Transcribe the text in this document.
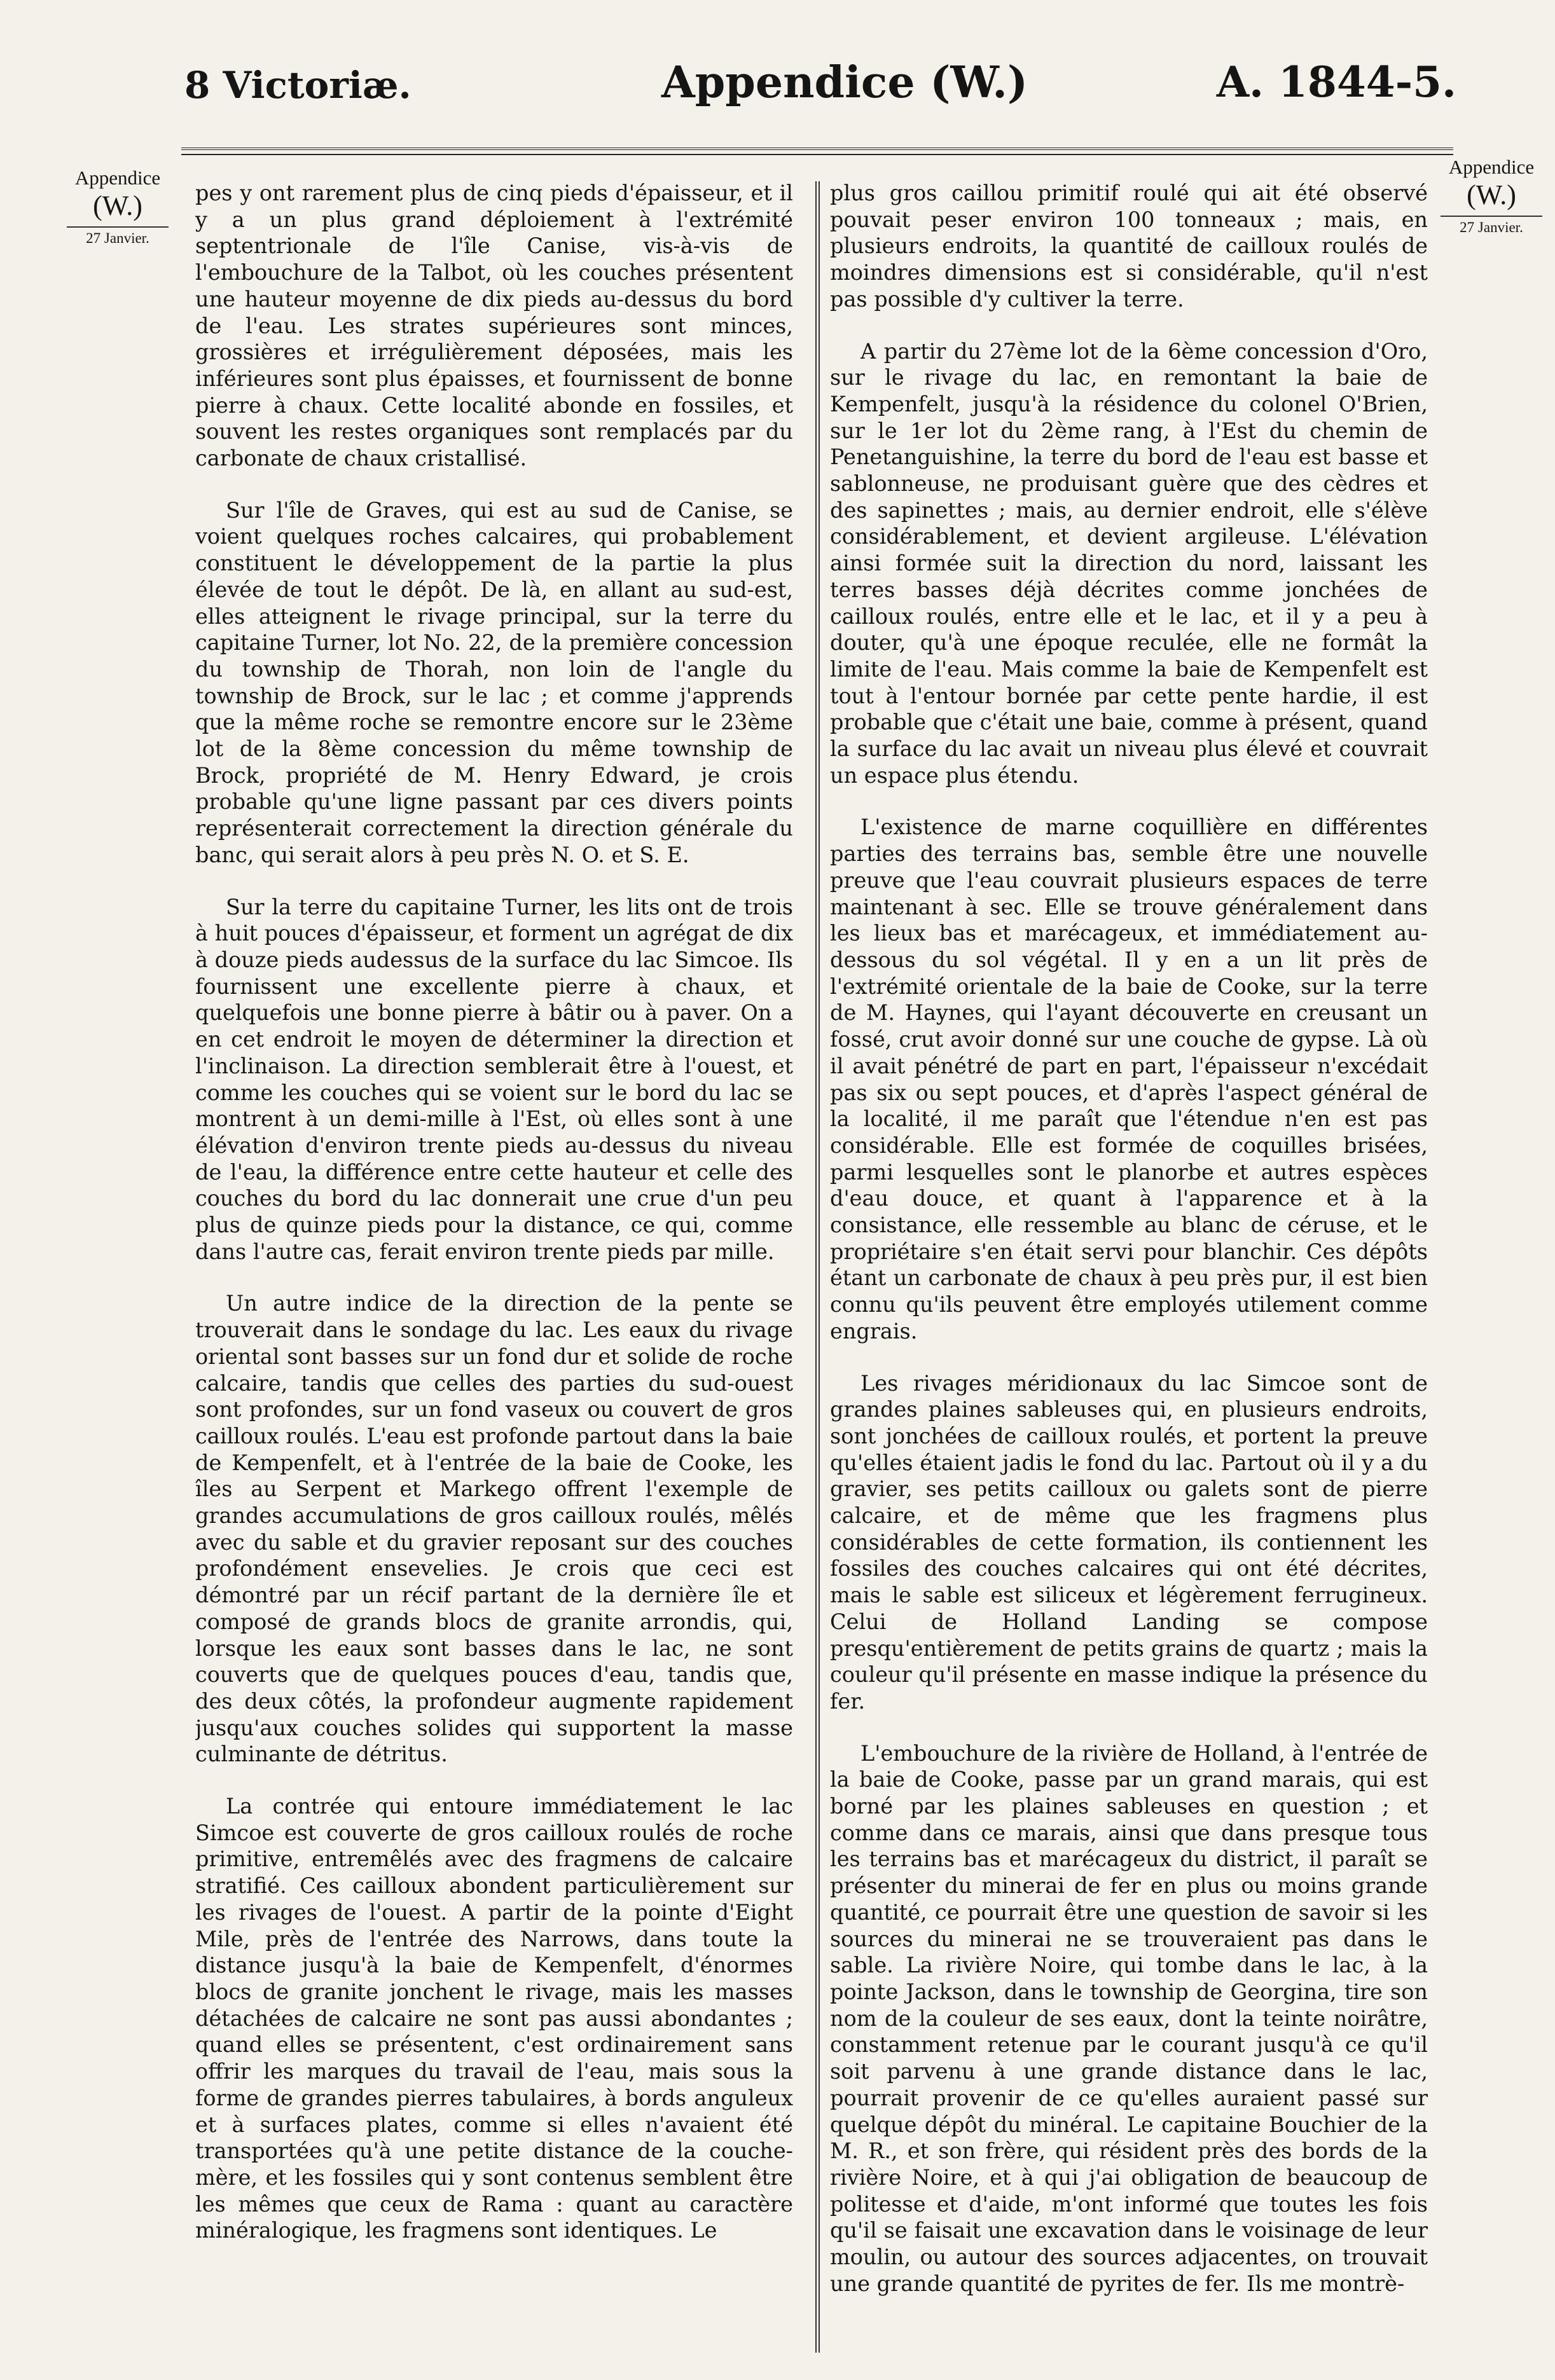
8 Victoriæ.	Appendice (W.)	A. 1844-5.
Appendice
(W.)
27 Janvier.
Appendice
(W.)
27 Janvier.

pes y ont rarement plus de cinq pieds d'épaisseur, et il y a un plus grand déploiement à l'extrémité septentrionale de l'île Canise, vis-à-vis de l'embouchure de la Talbot, où les couches présentent une hauteur moyenne de dix pieds au-dessus du bord de l'eau. Les strates supérieures sont minces, grossières et irrégulièrement déposées, mais les inférieures sont plus épaisses, et fournissent de bonne pierre à chaux. Cette localité abonde en fossiles, et souvent les restes organiques sont remplacés par du carbonate de chaux cristallisé.

Sur l'île de Graves, qui est au sud de Canise, se voient quelques roches calcaires, qui probablement constituent le développement de la partie la plus élevée de tout le dépôt. De là, en allant au sud-est, elles atteignent le rivage principal, sur la terre du capitaine Turner, lot No. 22, de la première concession du township de Thorah, non loin de l'angle du township de Brock, sur le lac ; et comme j'apprends que la même roche se remontre encore sur le 23ème lot de la 8ème concession du même township de Brock, propriété de M. Henry Edward, je crois probable qu'une ligne passant par ces divers points représenterait correctement la direction générale du banc, qui serait alors à peu près N. O. et S. E.

Sur la terre du capitaine Turner, les lits ont de trois à huit pouces d'épaisseur, et forment un agrégat de dix à douze pieds audessus de la surface du lac Simcoe. Ils fournissent une excellente pierre à chaux, et quelquefois une bonne pierre à bâtir ou à paver. On a en cet endroit le moyen de déterminer la direction et l'inclinaison. La direction semblerait être à l'ouest, et comme les couches qui se voient sur le bord du lac se montrent à un demi-mille à l'Est, où elles sont à une élévation d'environ trente pieds au-dessus du niveau de l'eau, la différence entre cette hauteur et celle des couches du bord du lac donnerait une crue d'un peu plus de quinze pieds pour la distance, ce qui, comme dans l'autre cas, ferait environ trente pieds par mille.

Un autre indice de la direction de la pente se trouverait dans le sondage du lac. Les eaux du rivage oriental sont basses sur un fond dur et solide de roche calcaire, tandis que celles des parties du sud-ouest sont profondes, sur un fond vaseux ou couvert de gros cailloux roulés. L'eau est profonde partout dans la baie de Kempenfelt, et à l'entrée de la baie de Cooke, les îles au Serpent et Markego offrent l'exemple de grandes accumulations de gros cailloux roulés, mêlés avec du sable et du gravier reposant sur des couches profondément ensevelies. Je crois que ceci est démontré par un récif partant de la dernière île et composé de grands blocs de granite arrondis, qui, lorsque les eaux sont basses dans le lac, ne sont couverts que de quelques pouces d'eau, tandis que, des deux côtés, la profondeur augmente rapidement jusqu'aux couches solides qui supportent la masse culminante de détritus.

La contrée qui entoure immédiatement le lac Simcoe est couverte de gros cailloux roulés de roche primitive, entremêlés avec des fragmens de calcaire stratifié. Ces cailloux abondent particulièrement sur les rivages de l'ouest. A partir de la pointe d'Eight Mile, près de l'entrée des Narrows, dans toute la distance jusqu'à la baie de Kempenfelt, d'énormes blocs de granite jonchent le rivage, mais les masses détachées de calcaire ne sont pas aussi abondantes ; quand elles se présentent, c'est ordinairement sans offrir les marques du travail de l'eau, mais sous la forme de grandes pierres tabulaires, à bords anguleux et à surfaces plates, comme si elles n'avaient été transportées qu'à une petite distance de la couche-mère, et les fossiles qui y sont contenus semblent être les mêmes que ceux de Rama : quant au caractère minéralogique, les fragmens sont identiques. Le

plus gros caillou primitif roulé qui ait été observé pouvait peser environ 100 tonneaux ; mais, en plusieurs endroits, la quantité de cailloux roulés de moindres dimensions est si considérable, qu'il n'est pas possible d'y cultiver la terre.

A partir du 27ème lot de la 6ème concession d'Oro, sur le rivage du lac, en remontant la baie de Kempenfelt, jusqu'à la résidence du colonel O'Brien, sur le 1er lot du 2ème rang, à l'Est du chemin de Penetanguishine, la terre du bord de l'eau est basse et sablonneuse, ne produisant guère que des cèdres et des sapinettes ; mais, au dernier endroit, elle s'élève considérablement, et devient argileuse. L'élévation ainsi formée suit la direction du nord, laissant les terres basses déjà décrites comme jonchées de cailloux roulés, entre elle et le lac, et il y a peu à douter, qu'à une époque reculée, elle ne formât la limite de l'eau. Mais comme la baie de Kempenfelt est tout à l'entour bornée par cette pente hardie, il est probable que c'était une baie, comme à présent, quand la surface du lac avait un niveau plus élevé et couvrait un espace plus étendu.

L'existence de marne coquillière en différentes parties des terrains bas, semble être une nouvelle preuve que l'eau couvrait plusieurs espaces de terre maintenant à sec. Elle se trouve généralement dans les lieux bas et marécageux, et immédiatement au-dessous du sol végétal. Il y en a un lit près de l'extrémité orientale de la baie de Cooke, sur la terre de M. Haynes, qui l'ayant découverte en creusant un fossé, crut avoir donné sur une couche de gypse. Là où il avait pénétré de part en part, l'épaisseur n'excédait pas six ou sept pouces, et d'après l'aspect général de la localité, il me paraît que l'étendue n'en est pas considérable. Elle est formée de coquilles brisées, parmi lesquelles sont le planorbe et autres espèces d'eau douce, et quant à l'apparence et à la consistance, elle ressemble au blanc de céruse, et le propriétaire s'en était servi pour blanchir. Ces dépôts étant un carbonate de chaux à peu près pur, il est bien connu qu'ils peuvent être employés utilement comme engrais.

Les rivages méridionaux du lac Simcoe sont de grandes plaines sableuses qui, en plusieurs endroits, sont jonchées de cailloux roulés, et portent la preuve qu'elles étaient jadis le fond du lac. Partout où il y a du gravier, ses petits cailloux ou galets sont de pierre calcaire, et de même que les fragmens plus considérables de cette formation, ils contiennent les fossiles des couches calcaires qui ont été décrites, mais le sable est siliceux et légèrement ferrugineux. Celui de Holland Landing se compose presqu'entièrement de petits grains de quartz ; mais la couleur qu'il présente en masse indique la présence du fer.

L'embouchure de la rivière de Holland, à l'entrée de la baie de Cooke, passe par un grand marais, qui est borné par les plaines sableuses en question ; et comme dans ce marais, ainsi que dans presque tous les terrains bas et marécageux du district, il paraît se présenter du minerai de fer en plus ou moins grande quantité, ce pourrait être une question de savoir si les sources du minerai ne se trouveraient pas dans le sable. La rivière Noire, qui tombe dans le lac, à la pointe Jackson, dans le township de Georgina, tire son nom de la couleur de ses eaux, dont la teinte noirâtre, constamment retenue par le courant jusqu'à ce qu'il soit parvenu à une grande distance dans le lac, pourrait provenir de ce qu'elles auraient passé sur quelque dépôt du minéral. Le capitaine Bouchier de la M. R., et son frère, qui résident près des bords de la rivière Noire, et à qui j'ai obligation de beaucoup de politesse et d'aide, m'ont informé que toutes les fois qu'il se faisait une excavation dans le voisinage de leur moulin, ou autour des sources adjacentes, on trouvait une grande quantité de pyrites de fer. Ils me montrè-
